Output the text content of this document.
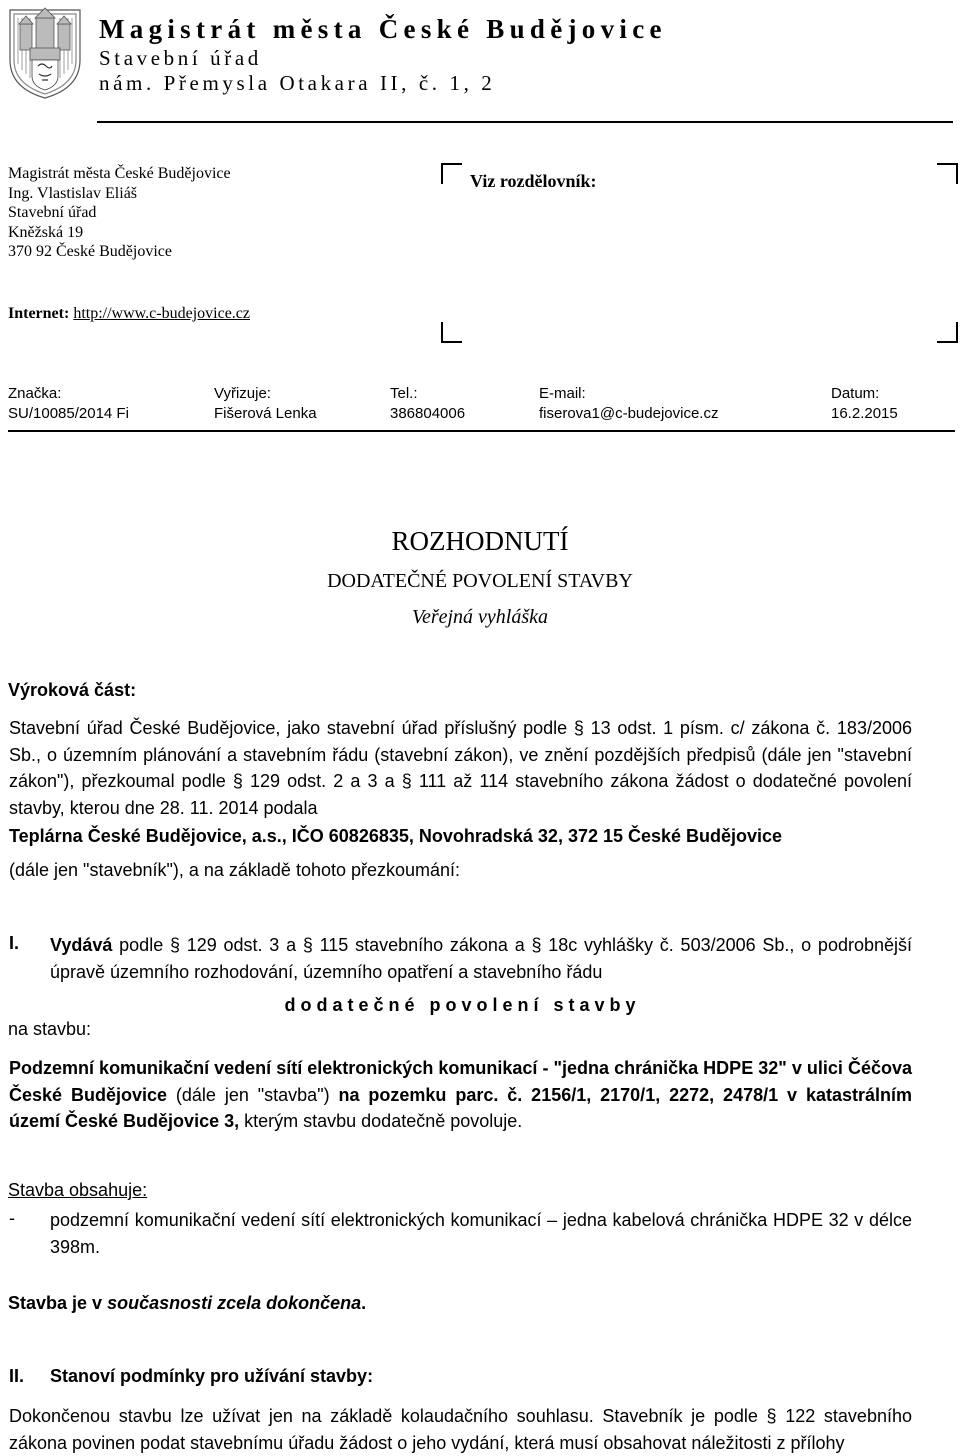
Magistrát města České Budějovice
Stavební úřad
nám. Přemysla Otakara II, č. 1, 2
Magistrát města České Budějovice
Ing. Vlastislav Eliáš
Stavební úřad
Kněžská 19
370 92 České Budějovice
Internet: http://www.c-budejovice.cz
Viz rozdělovník:
Značka:
SU/10085/2014 Fi
Vyřizuje:
Fišerová Lenka
Tel.:
386804006
E-mail:
fiserova1@c-budejovice.cz
Datum:
16.2.2015
ROZHODNUTÍ
DODATEČNÉ POVOLENÍ STAVBY
Veřejná vyhláška
Výroková část:
Stavební úřad České Budějovice, jako stavební úřad příslušný podle § 13 odst. 1 písm. c/ zákona č. 183/2006 Sb., o územním plánování a stavebním řádu (stavební zákon), ve znění pozdějších předpisů (dále jen "stavební zákon"), přezkoumal podle § 129 odst. 2 a 3 a § 111 až 114 stavebního zákona žádost o dodatečné povolení stavby, kterou dne 28. 11. 2014 podala
Teplárna České Budějovice, a.s., IČO 60826835, Novohradská 32, 372 15 České Budějovice
(dále jen "stavebník"), a na základě tohoto přezkoumání:
I. Vydává podle § 129 odst. 3 a § 115 stavebního zákona a § 18c vyhlášky č. 503/2006 Sb., o podrobnější úpravě územního rozhodování, územního opatření a stavebního řádu
d o d a t e č n é   p o v o l e n í   s t a v b y
na stavbu:
Podzemní komunikační vedení sítí elektronických komunikací - "jedna chránička HDPE 32" v ulici Čéčova České Budějovice (dále jen "stavba") na pozemku parc. č. 2156/1, 2170/1, 2272, 2478/1 v katastrálním území České Budějovice 3, kterým stavbu dodatečně povoluje.
Stavba obsahuje:
- podzemní komunikační vedení sítí elektronických komunikací – jedna kabelová chránička HDPE 32 v délce 398m.
Stavba je v současnosti zcela dokončena.
II. Stanoví podmínky pro užívání stavby:
Dokončenou stavbu lze užívat jen na základě kolaudačního souhlasu. Stavebník je podle § 122 stavebního zákona povinen podat stavebnímu úřadu žádost o jeho vydání, která musí obsahovat náležitosti z přílohy
